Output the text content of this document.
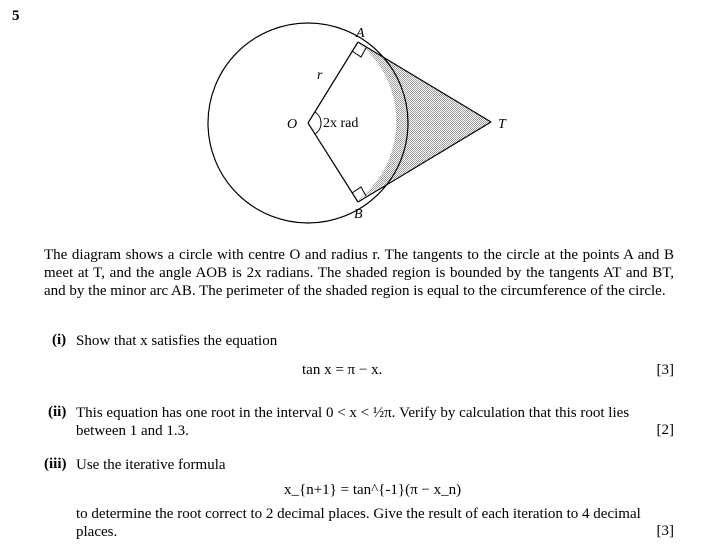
5
A
B
O	T
r
2x rad
The diagram shows a circle with centre O and radius r. The tangents to the circle at the points A and B meet at T, and the angle AOB is 2x radians. The shaded region is bounded by the tangents AT and BT, and by the minor arc AB. The perimeter of the shaded region is equal to the circumference of the circle.
(i) Show that x satisfies the equation
tan x = π − x.	[3]
(ii) This equation has one root in the interval 0 < x < ½π. Verify by calculation that this root lies
between 1 and 1.3.	[2]
(iii) Use the iterative formula
x_{n+1} = tan^{-1}(π − x_n)
to determine the root correct to 2 decimal places. Give the result of each iteration to 4 decimal
places.	[3]
